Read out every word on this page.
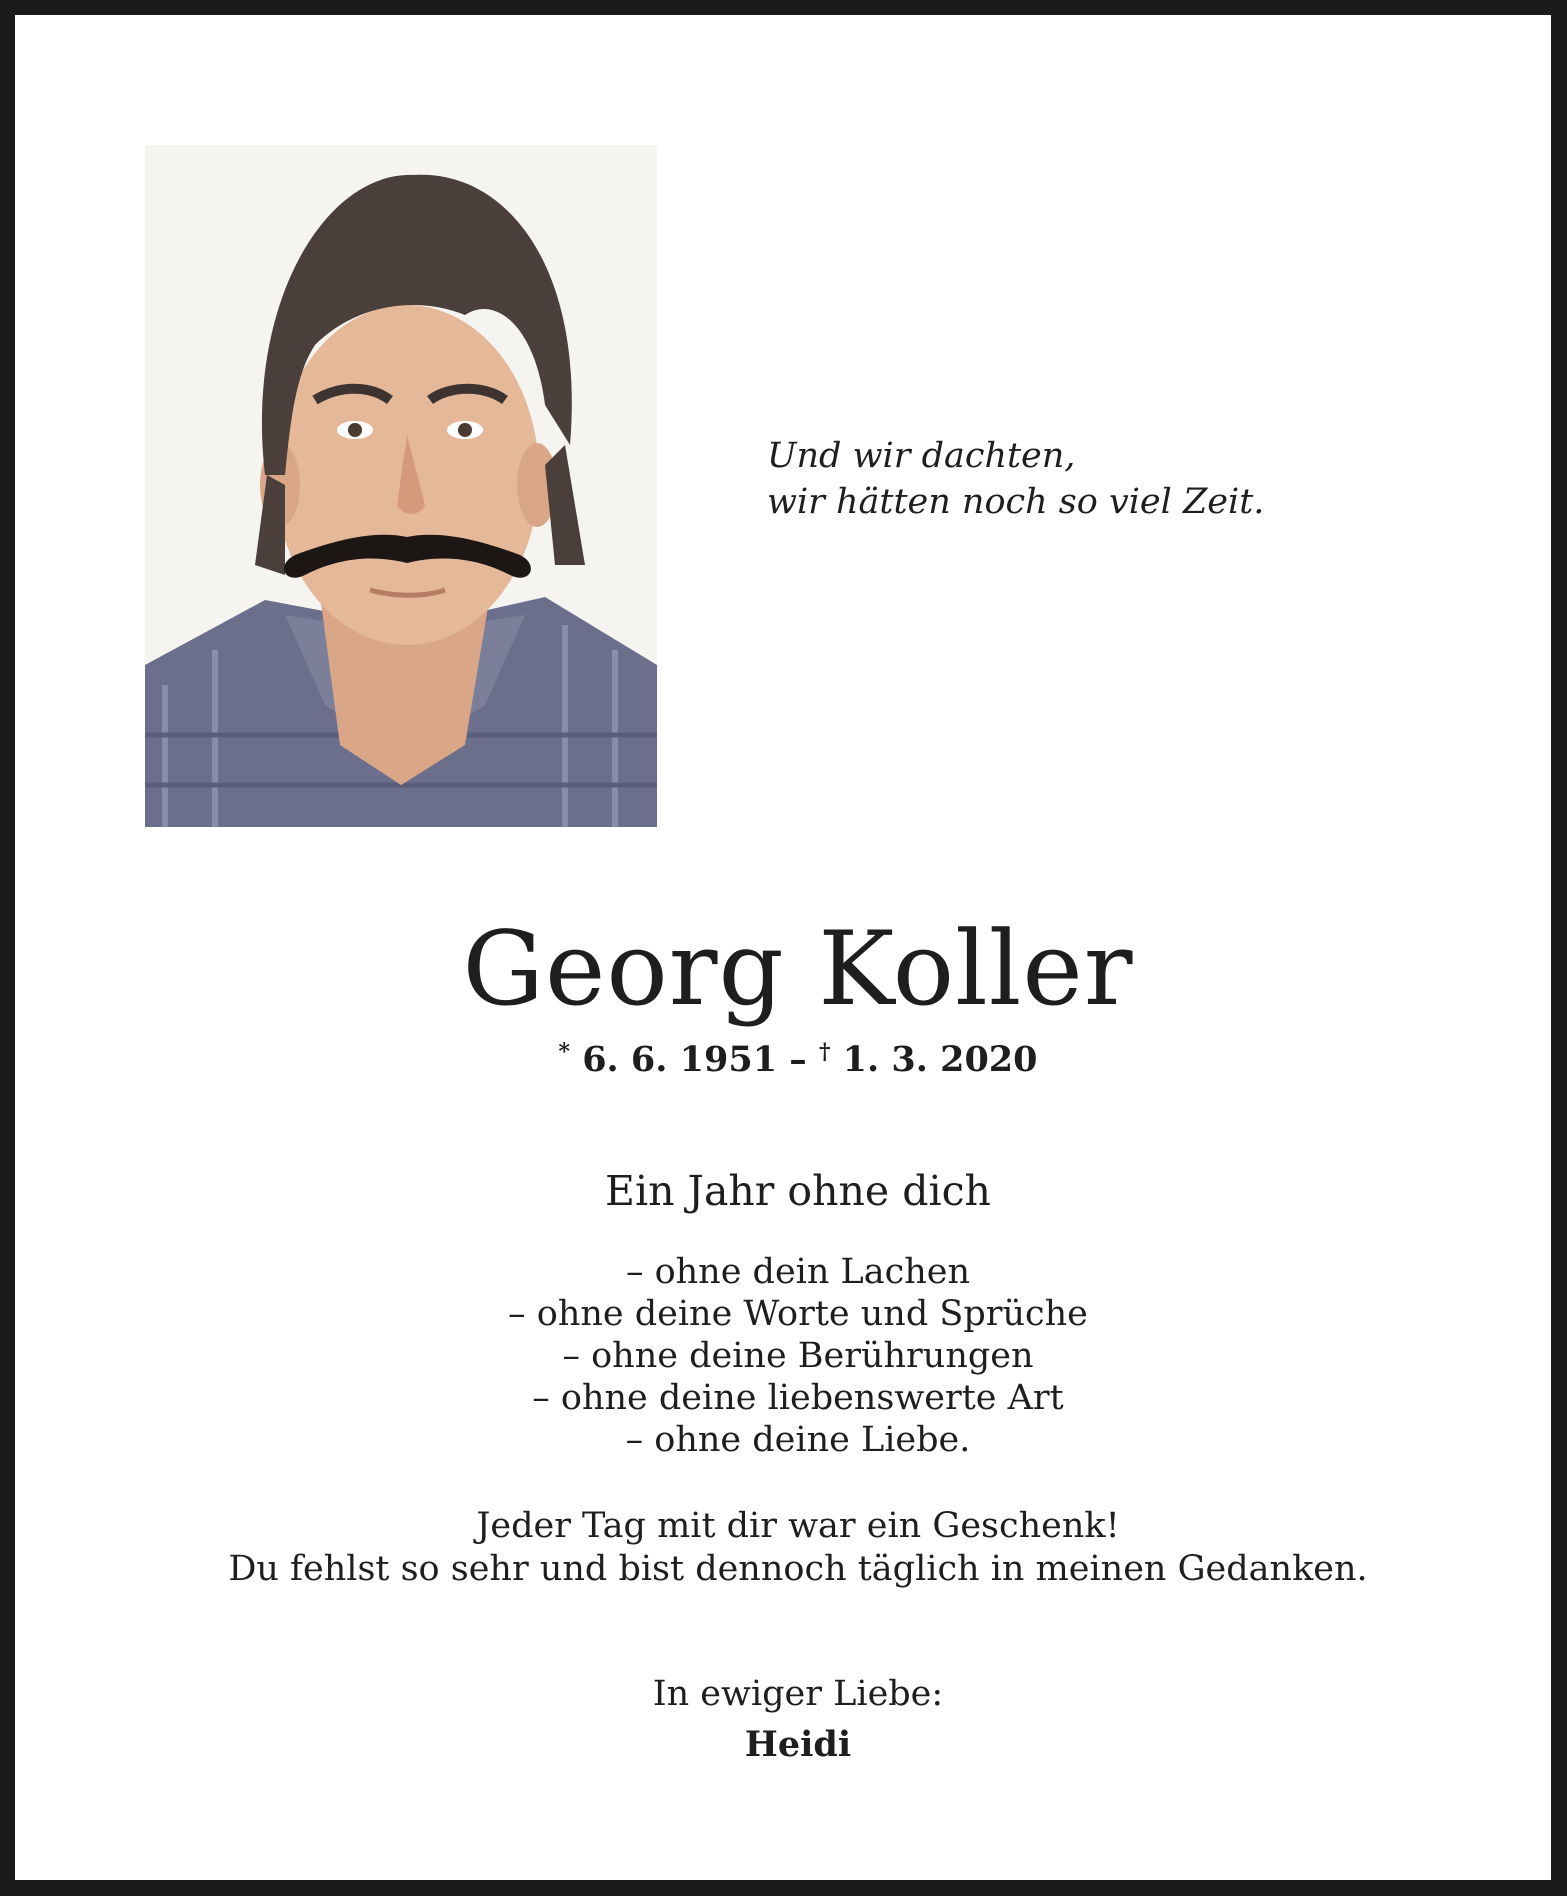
Und wir dachten,
wir hätten noch so viel Zeit.
Georg Koller
* 6. 6. 1951 – † 1. 3. 2020
Ein Jahr ohne dich
– ohne dein Lachen
– ohne deine Worte und Sprüche
– ohne deine Berührungen
– ohne deine liebenswerte Art
– ohne deine Liebe.
Jeder Tag mit dir war ein Geschenk!
Du fehlst so sehr und bist dennoch täglich in meinen Gedanken.
In ewiger Liebe:
Heidi
